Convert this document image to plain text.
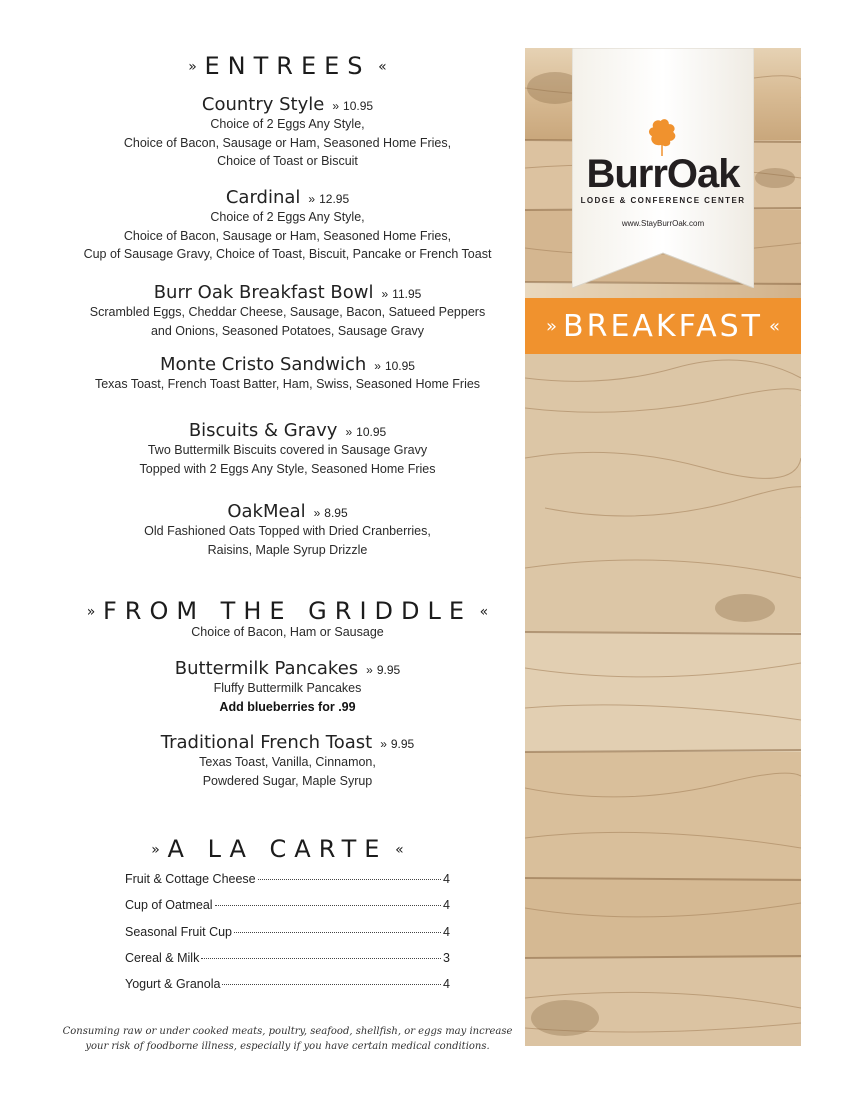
» ENTREES «
Country Style » 10.95
Choice of 2 Eggs Any Style,
Choice of Bacon, Sausage or Ham, Seasoned Home Fries,
Choice of Toast or Biscuit
Cardinal » 12.95
Choice of 2 Eggs Any Style,
Choice of Bacon, Sausage or Ham, Seasoned Home Fries,
Cup of Sausage Gravy, Choice of Toast, Biscuit, Pancake or French Toast
Burr Oak Breakfast Bowl » 11.95
Scrambled Eggs, Cheddar Cheese, Sausage, Bacon, Satueed Peppers
and Onions, Seasoned Potatoes, Sausage Gravy
Monte Cristo Sandwich » 10.95
Texas Toast, French Toast Batter, Ham, Swiss, Seasoned Home Fries
Biscuits & Gravy » 10.95
Two Buttermilk Biscuits covered in Sausage Gravy
Topped with 2 Eggs Any Style, Seasoned Home Fries
OakMeal » 8.95
Old Fashioned Oats Topped with Dried Cranberries,
Raisins, Maple Syrup Drizzle
» FROM THE GRIDDLE «
Choice of Bacon, Ham or Sausage
Buttermilk Pancakes » 9.95
Fluffy Buttermilk Pancakes
Add blueberries for .99
Traditional French Toast » 9.95
Texas Toast, Vanilla, Cinnamon,
Powdered Sugar, Maple Syrup
» A LA CARTE «
Fruit & Cottage Cheese	4
Cup of Oatmeal	4
Seasonal Fruit Cup	4
Cereal & Milk	3
Yogurt & Granola	4
Consuming raw or under cooked meats, poultry, seafood, shellfish, or eggs may increase
your risk of foodborne illness, especially if you have certain medical conditions.
BurrOak
LODGE & CONFERENCE CENTER
www.StayBurrOak.com
» BREAKFAST «
